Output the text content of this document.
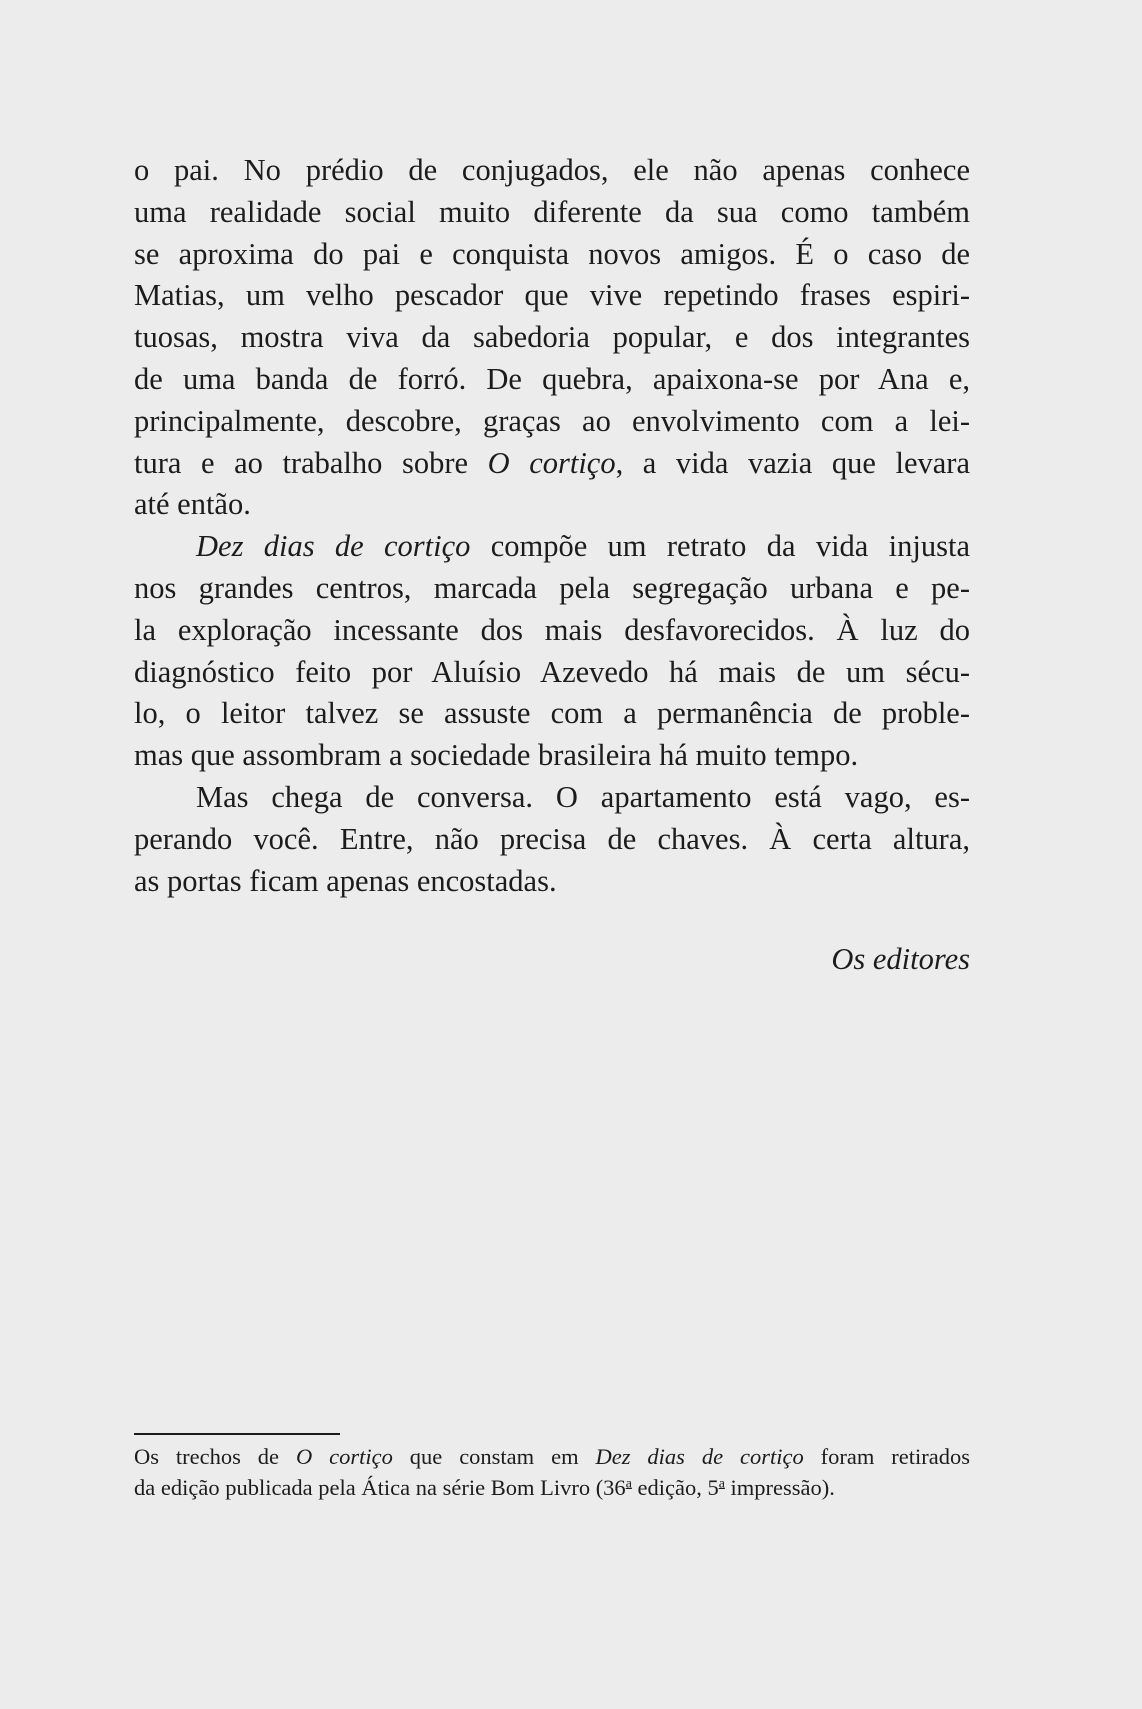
o pai. No prédio de conjugados, ele não apenas conhece
uma realidade social muito diferente da sua como também
se aproxima do pai e conquista novos amigos. É o caso de
Matias, um velho pescador que vive repetindo frases espiri-
tuosas, mostra viva da sabedoria popular, e dos integrantes
de uma banda de forró. De quebra, apaixona-se por Ana e,
principalmente, descobre, graças ao envolvimento com a lei-
tura e ao trabalho sobre O cortiço, a vida vazia que levara
até então.
Dez dias de cortiço compõe um retrato da vida injusta
nos grandes centros, marcada pela segregação urbana e pe-
la exploração incessante dos mais desfavorecidos. À luz do
diagnóstico feito por Aluísio Azevedo há mais de um sécu-
lo, o leitor talvez se assuste com a permanência de proble-
mas que assombram a sociedade brasileira há muito tempo.
Mas chega de conversa. O apartamento está vago, es-
perando você. Entre, não precisa de chaves. À certa altura,
as portas ficam apenas encostadas.
Os editores
Os trechos de O cortiço que constam em Dez dias de cortiço foram retirados
da edição publicada pela Ática na série Bom Livro (36$^a$ edição, 5$^a$ impressão).
